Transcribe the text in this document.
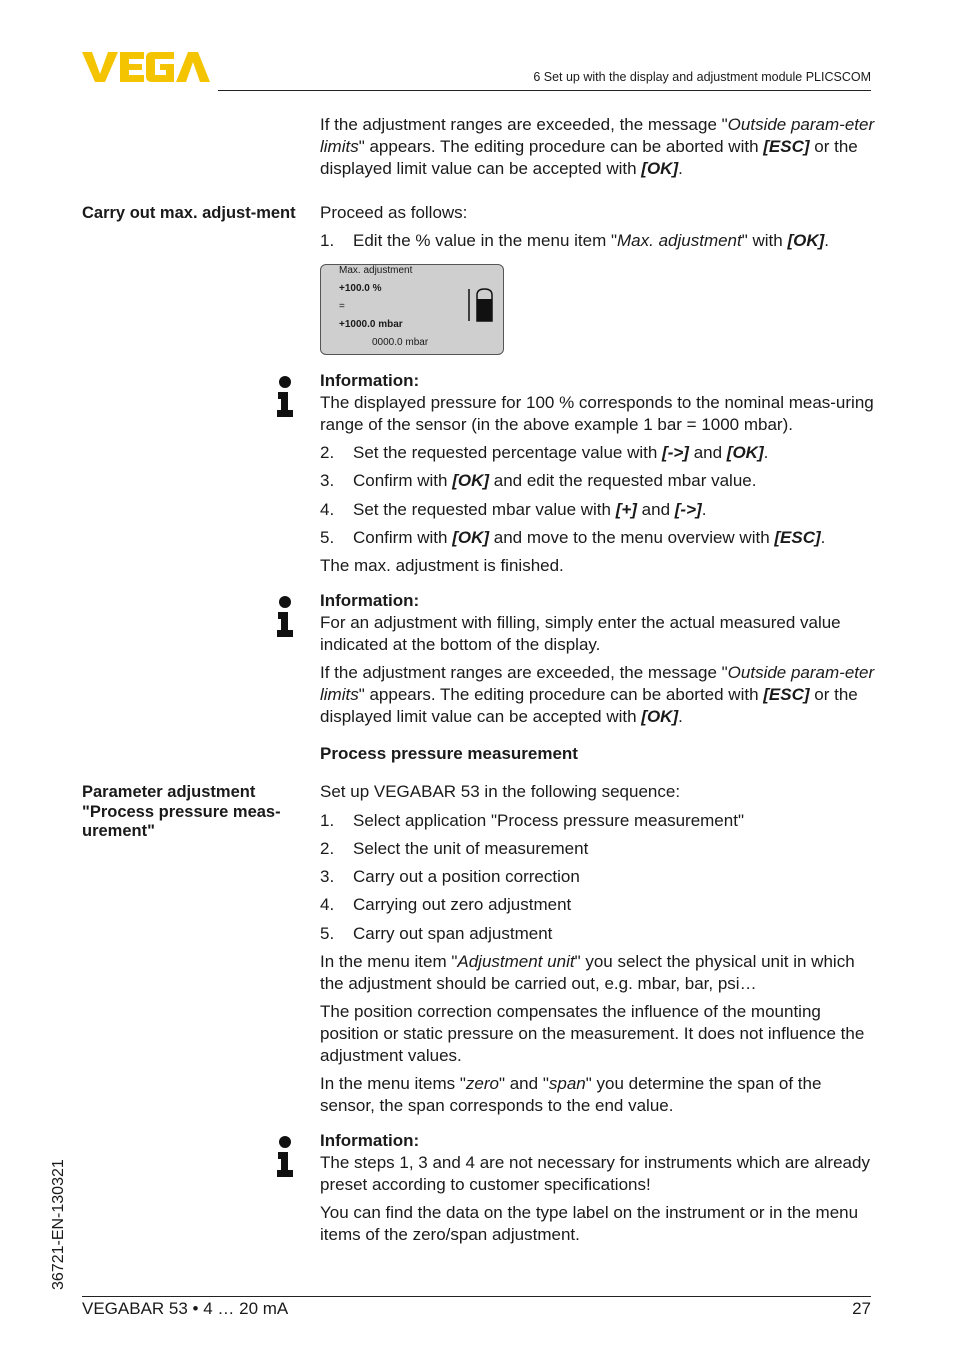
6 Set up with the display and adjustment module PLICSCOM

If the adjustment ranges are exceeded, the message "Outside param-eter limits" appears. The editing procedure can be aborted with [ESC] or the displayed limit value can be accepted with [OK].

Carry out max. adjust-ment	Proceed as follows:
1. Edit the % value in the menu item "Max. adjustment" with [OK].
Max. adjustment
+100.0 %
=
+1000.0 mbar
0000.0 mbar

Information:

The displayed pressure for 100 % corresponds to the nominal meas-uring range of the sensor (in the above example 1 bar = 1000 mbar).

2. Set the requested percentage value with [->] and [OK].
3. Confirm with [OK] and edit the requested mbar value.
4. Set the requested mbar value with [+] and [->].
5. Confirm with [OK] and move to the menu overview with [ESC].
The max. adjustment is finished.

Information:

For an adjustment with filling, simply enter the actual measured value indicated at the bottom of the display.

If the adjustment ranges are exceeded, the message "Outside param-eter limits" appears. The editing procedure can be aborted with [ESC] or the displayed limit value can be accepted with [OK].

Process pressure measurement
Parameter adjustment "Process pressure meas-urement"
Set up VEGABAR 53 in the following sequence:
1. Select application "Process pressure measurement"
2. Select the unit of measurement
3. Carry out a position correction
4. Carrying out zero adjustment
5. Carry out span adjustment

In the menu item "Adjustment unit" you select the physical unit in which the adjustment should be carried out, e.g. mbar, bar, psi…

The position correction compensates the influence of the mounting position or static pressure on the measurement. It does not influence the adjustment values.

In the menu items "zero" and "span" you determine the span of the sensor, the span corresponds to the end value.

Information:

The steps 1, 3 and 4 are not necessary for instruments which are already preset according to customer specifications!

You can find the data on the type label on the instrument or in the menu items of the zero/span adjustment.

36721-EN-130321
VEGABAR 53 • 4 … 20 mA	27
